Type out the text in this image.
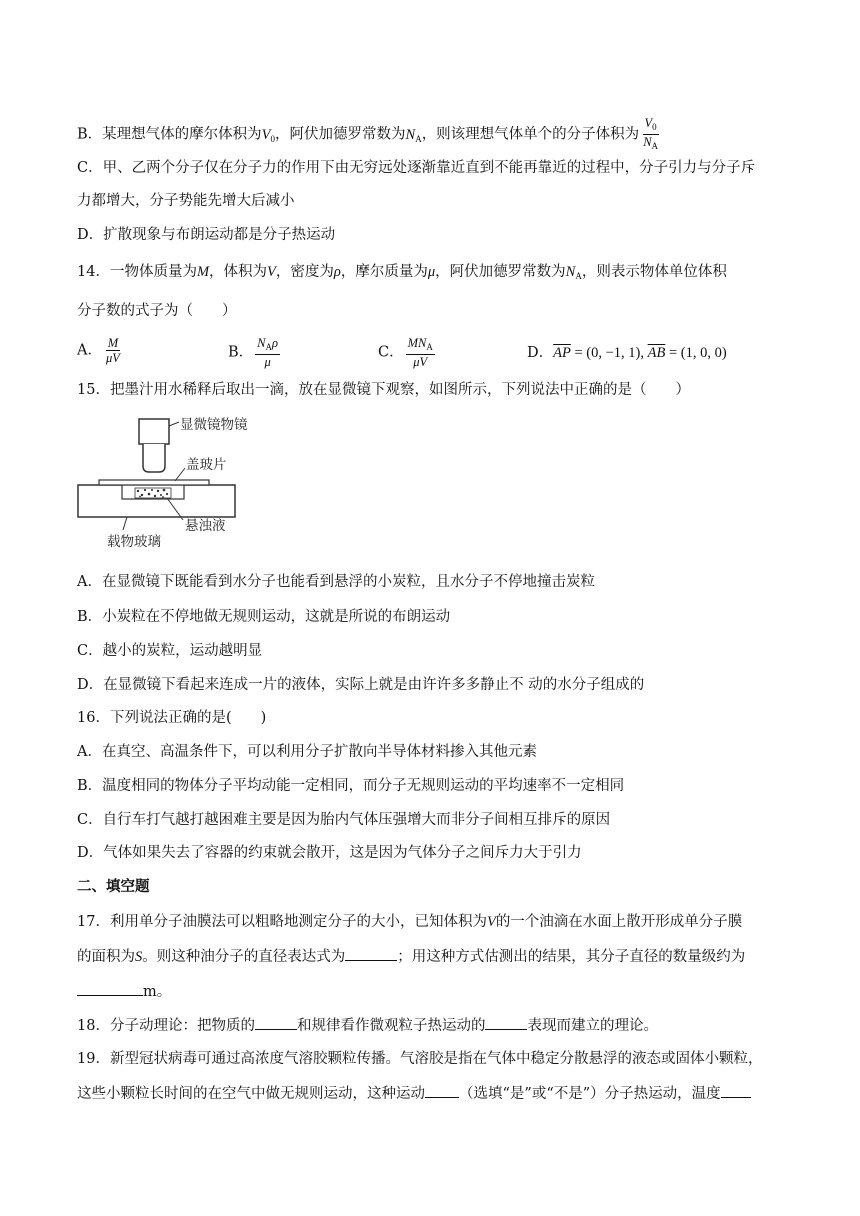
B．某理想气体的摩尔体积为$V_0$，阿伏加德罗常数为$N_A$，则该理想气体单个的分子体积为 $\frac{V_0}{N_A}$
C．甲、乙两个分子仅在分子力的作用下由无穷远处逐渐靠近直到不能再靠近的过程中，分子引力与分子斥
力都增大，分子势能先增大后减小
D．扩散现象与布朗运动都是分子热运动
14．一物体质量为M，体积为V，密度为ρ，摩尔质量为μ，阿伏加德罗常数为$N_A$，则表示物体单位体积
分子数的式子为（　　）
A． $\frac{M}{\mu V}$	B． $\frac{N_A\rho}{\mu}$	C． $\frac{MN_A}{\mu V}$	D．$\overline{AP} = (0$, −1, 1), $\overline{AB} = (1$, 0, 0)
15．把墨汁用水稀释后取出一滴，放在显微镜下观察，如图所示，下列说法中正确的是（　　）
显微镜物镜
盖玻片
悬浊液
载物玻璃
A．在显微镜下既能看到水分子也能看到悬浮的小炭粒，且水分子不停地撞击炭粒
B．小炭粒在不停地做无规则运动，这就是所说的布朗运动
C．越小的炭粒，运动越明显
D．在显微镜下看起来连成一片的液体，实际上就是由许许多多静止不 动的水分子组成的
16．下列说法正确的是(　　)
A．在真空、高温条件下，可以利用分子扩散向半导体材料掺入其他元素
B．温度相同的物体分子平均动能一定相同，而分子无规则运动的平均速率不一定相同
C．自行车打气越打越困难主要是因为胎内气体压强增大而非分子间相互排斥的原因
D．气体如果失去了容器的约束就会散开，这是因为气体分子之间斥力大于引力
二、填空题
17．利用单分子油膜法可以粗略地测定分子的大小，已知体积为V的一个油滴在水面上散开形成单分子膜
的面积为S。则这种油分子的直径表达式为	；用这种方式估测出的结果，其分子直径的数量级约为
m。
18．分子动理论：把物质的	和规律看作微观粒子热运动的	表现而建立的理论。
19．新型冠状病毒可通过高浓度气溶胶颗粒传播。气溶胶是指在气体中稳定分散悬浮的液态或固体小颗粒，
这些小颗粒长时间的在空气中做无规则运动，这种运动 （选填“是”或“不是”）分子热运动，温度
